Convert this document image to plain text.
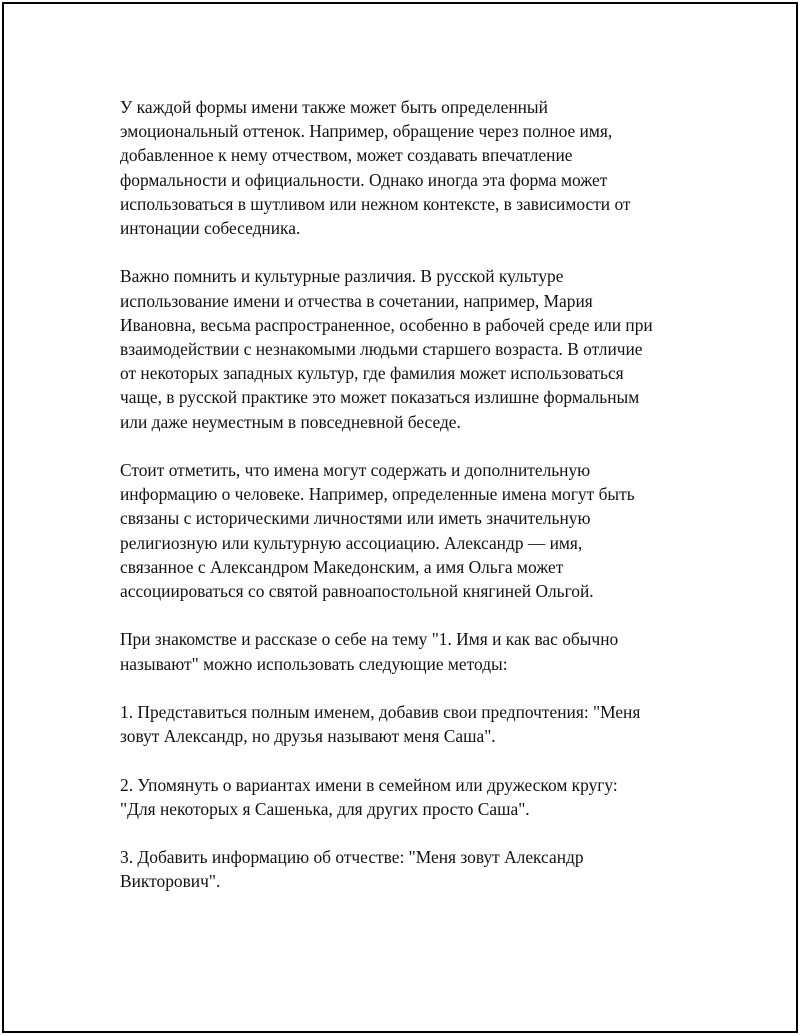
У каждой формы имени также может быть определенный
эмоциональный оттенок. Например, обращение через полное имя,
добавленное к нему отчеством, может создавать впечатление
формальности и официальности. Однако иногда эта форма может
использоваться в шутливом или нежном контексте, в зависимости от
интонации собеседника.

Важно помнить и культурные различия. В русской культуре
использование имени и отчества в сочетании, например, Мария
Ивановна, весьма распространенное, особенно в рабочей среде или при
взаимодействии с незнакомыми людьми старшего возраста. В отличие
от некоторых западных культур, где фамилия может использоваться
чаще, в русской практике это может показаться излишне формальным
или даже неуместным в повседневной беседе.

Стоит отметить, что имена могут содержать и дополнительную
информацию о человеке. Например, определенные имена могут быть
связаны с историческими личностями или иметь значительную
религиозную или культурную ассоциацию. Александр — имя,
связанное с Александром Македонским, а имя Ольга может
ассоциироваться со святой равноапостольной княгиней Ольгой.

При знакомстве и рассказе о себе на тему "1. Имя и как вас обычно
называют" можно использовать следующие методы:

1. Представиться полным именем, добавив свои предпочтения: "Меня
зовут Александр, но друзья называют меня Саша".

2. Упомянуть о вариантах имени в семейном или дружеском кругу:
"Для некоторых я Сашенька, для других просто Саша".

3. Добавить информацию об отчестве: "Меня зовут Александр
Викторович".
